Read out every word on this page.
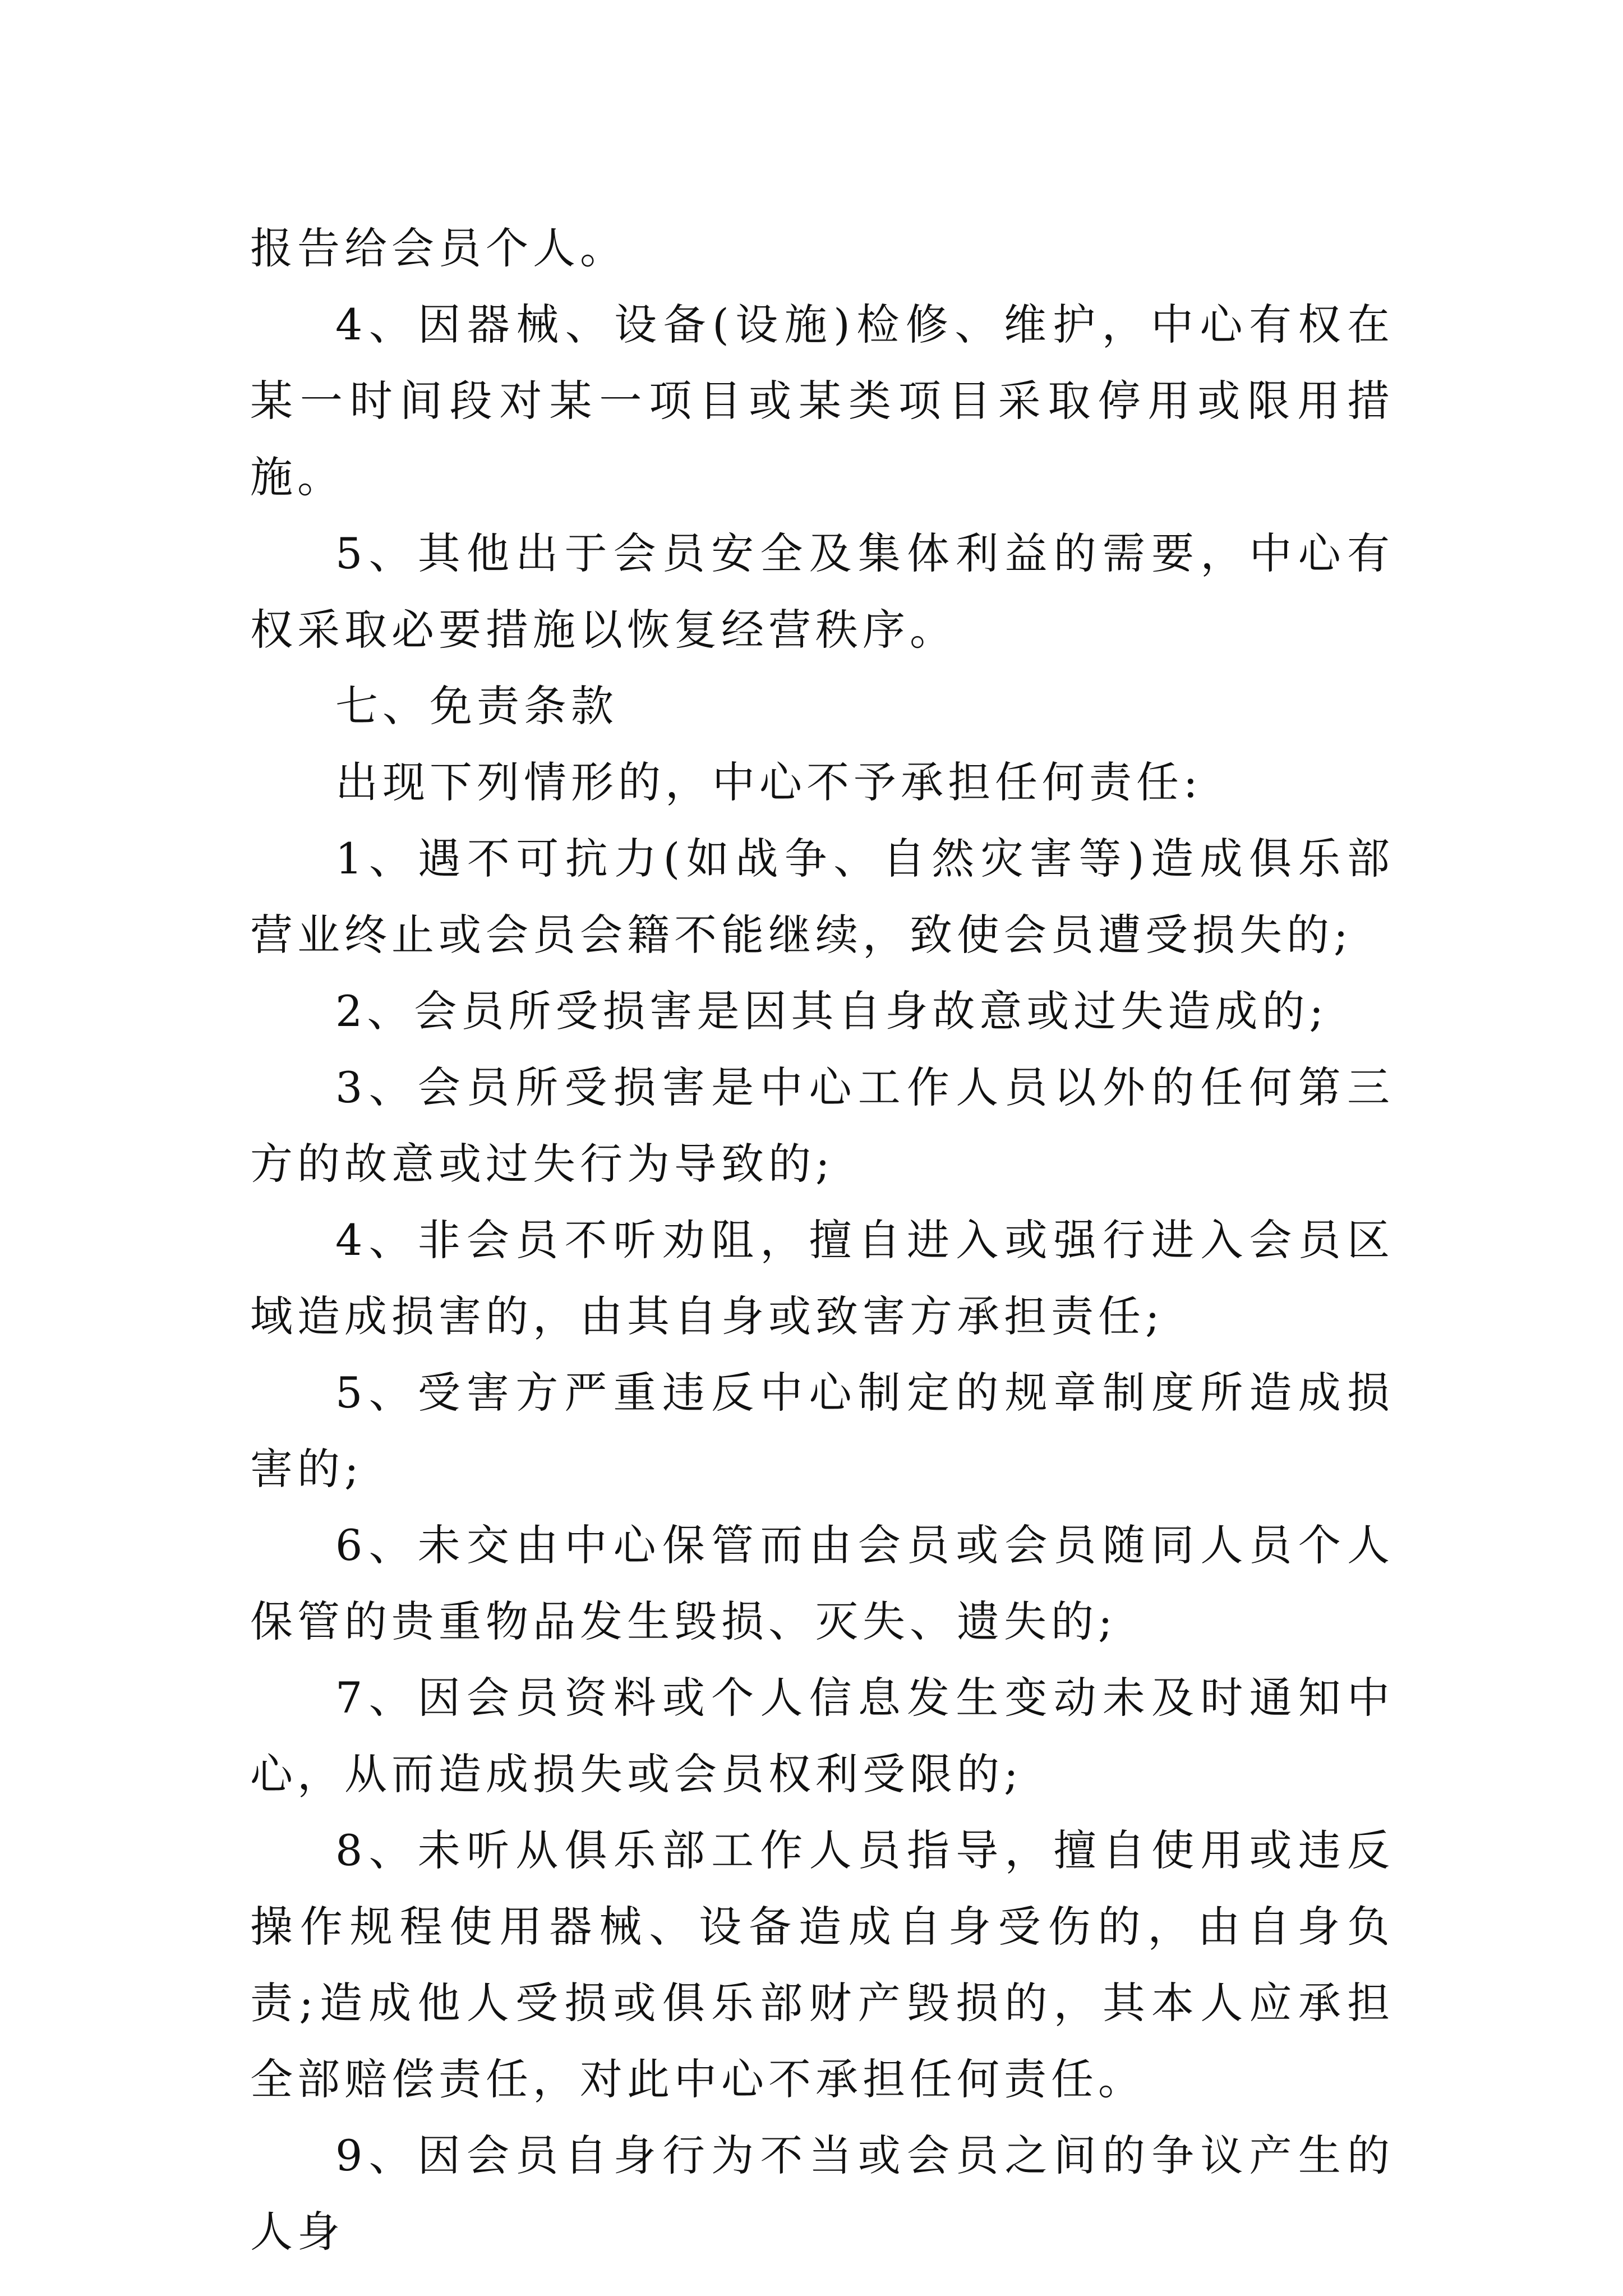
报告给会员个人。

4、因器械、设备(设施)检修、维护，中心有权在某一时间段对某一项目或某类项目采取停用或限用措施。

5、其他出于会员安全及集体利益的需要，中心有权采取必要措施以恢复经营秩序。

七、免责条款

出现下列情形的，中心不予承担任何责任:

1、遇不可抗力(如战争、自然灾害等)造成俱乐部营业终止或会员会籍不能继续，致使会员遭受损失的;

2、会员所受损害是因其自身故意或过失造成的;

3、会员所受损害是中心工作人员以外的任何第三方的故意或过失行为导致的;

4、非会员不听劝阻，擅自进入或强行进入会员区域造成损害的，由其自身或致害方承担责任;

5、受害方严重违反中心制定的规章制度所造成损害的;

6、未交由中心保管而由会员或会员随同人员个人保管的贵重物品发生毁损、灭失、遗失的;

7、因会员资料或个人信息发生变动未及时通知中心，从而造成损失或会员权利受限的;

8、未听从俱乐部工作人员指导，擅自使用或违反操作规程使用器械、设备造成自身受伤的，由自身负责;造成他人受损或俱乐部财产毁损的，其本人应承担全部赔偿责任，对此中心不承担任何责任。

9、因会员自身行为不当或会员之间的争议产生的人身
